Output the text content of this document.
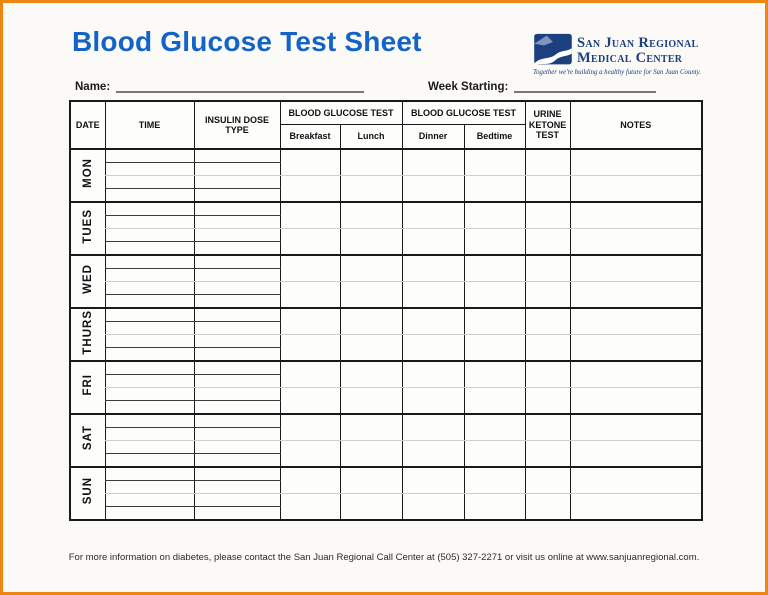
Blood Glucose Test Sheet	San Juan Regional
Medical Center
Together we're building a healthy future for San Juan County.
Name:	Week Starting:
DATE	TIME	INSULIN DOSE TYPE	BLOOD GLUCOSE TEST		BLOOD GLUCOSE TEST		URINE KETONE TEST	NOTES
			Breakfast	Lunch	Dinner	Bedtime		
MON								

TUES								

WED								

THURS								

FRI								

SAT								

SUN								

For more information on diabetes, please contact the San Juan Regional Call Center at (505) 327-2271 or visit us online at www.sanjuanregional.com.
